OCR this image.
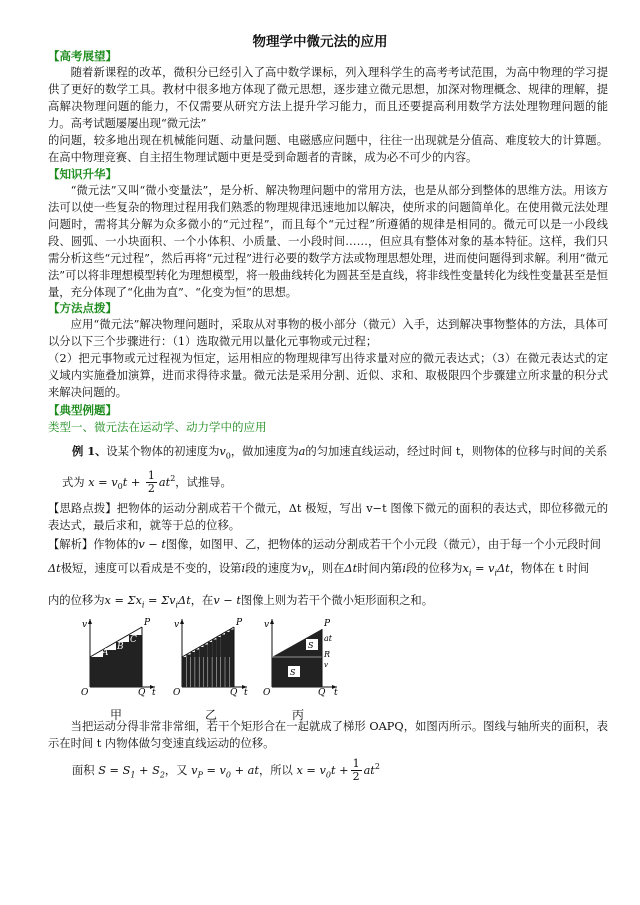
物理学中微元法的应用
【高考展望】
随着新课程的改革，微积分已经引入了高中数学课标，列入理科学生的高考考试范围，为高中物理的学习提供了更好的数学工具。教材中很多地方体现了微元思想，逐步建立微元思想，加深对物理概念、规律的理解，提高解决物理问题的能力，不仅需要从研究方法上提升学习能力，而且还要提高利用数学方法处理物理问题的能力。高考试题屡屡出现“微元法”
的问题，较多地出现在机械能问题、动量问题、电磁感应问题中，往往一出现就是分值高、难度较大的计算题。在高中物理竞赛、自主招生物理试题中更是受到命题者的青睐，成为必不可少的内容。
【知识升华】
“微元法”又叫“微小变量法”，是分析、解决物理问题中的常用方法，也是从部分到整体的思维方法。用该方法可以使一些复杂的物理过程用我们熟悉的物理规律迅速地加以解决，使所求的问题简单化。在使用微元法处理问题时，需将其分解为众多微小的“元过程”，而且每个“元过程”所遵循的规律是相同的。微元可以是一小段线段、圆弧、一小块面积、一个小体积、小质量、一小段时间……，但应具有整体对象的基本特征。这样，我们只需分析这些“元过程”，然后再将“元过程”进行必要的数学方法或物理思想处理，进而使问题得到求解。利用“微元法”可以将非理想模型转化为理想模型，将一般曲线转化为圆甚至是直线，将非线性变量转化为线性变量甚至是恒量，充分体现了“化曲为直”、“化变为恒”的思想。
【方法点拨】
应用“微元法”解决物理问题时，采取从对事物的极小部分（微元）入手，达到解决事物整体的方法，具体可以分以下三个步骤进行：（1）选取微元用以量化元事物或元过程；
（2）把元事物或元过程视为恒定，运用相应的物理规律写出待求量对应的微元表达式；（3）在微元表达式的定义域内实施叠加演算，进而求得待求量。微元法是采用分割、近似、求和、取极限四个步骤建立所求量的积分式来解决问题的。
【典型例题】
类型一、微元法在运动学、动力学中的应用
例 1、设某个物体的初速度为$v_0$，做加速度为a的匀加速直线运动，经过时间 t，则物体的位移与时间的关系
式为 $x = v_0t + \frac{1}{2} at^2$，试推导。
【思路点拨】把物体的运动分割成若干个微元，Δt 极短，写出 v−t 图像下微元的面积的表达式，即位移微元的表达式，最后求和，就等于总的位移。
【解析】作物体的v − t图像，如图甲、乙，把物体的运动分割成若干个小元段（微元），由于每一个小元段时间
Δt极短，速度可以看成是不变的，设第i段的速度为$v_i$，则在Δt时间内第i段的位移为$x_i = v_i\Delta t$，物体在 t 时间
内的位移为$x = \Sigma x_i = \Sigma v_i\Delta t$，在v − t图像上则为若干个微小矩形面积之和。
A
B
C
v
O	Q t
P	v
O	Q t
P
S
S
at
R
v
v
O	Q t
P
甲	乙	丙
当把运动分得非常非常细，若干个矩形合在一起就成了梯形 OAPQ，如图丙所示。图线与轴所夹的面积，表示在时间 t 内物体做匀变速直线运动的位移。
面积 $S = S_1 + S_2$，又 $v_P = v_0$ + at，所以 $x = v_0t + \frac{1}{2} at^2$
